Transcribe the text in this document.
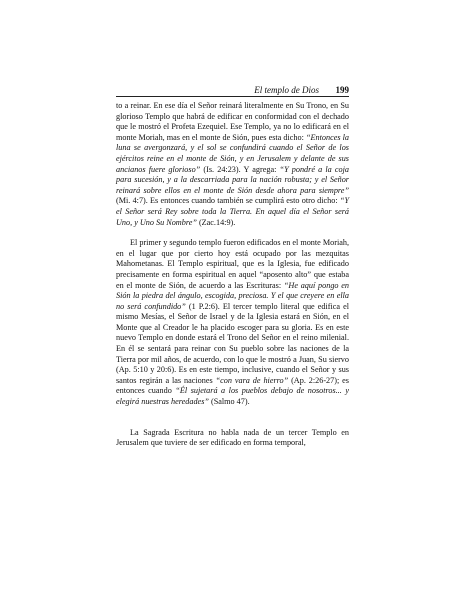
El templo de Dios 199

to a reinar. En ese día el Señor reinará literalmente en Su Trono, en Su glorioso Templo que habrá de edificar en conformidad con el dechado que le mostró el Profeta Ezequiel. Ese Templo, ya no lo edificará en el monte Moriah, mas en el monte de Sión, pues esta dicho: “Entonces la luna se avergonzará, y el sol se confundirá cuando el Señor de los ejércitos reine en el monte de Sión, y en Jerusalem y delante de sus ancianos fuere glorioso” (Is. 24:23). Y agrega: “Y pondré a la coja para sucesión, y a la descarriada para la nación robusta; y el Señor reinará sobre ellos en el monte de Sión desde ahora para siempre” (Mi. 4:7). Es entonces cuando también se cumplirá esto otro dicho: “Y el Señor será Rey sobre toda la Tierra. En aquel día el Señor será Uno, y Uno Su Nombre” (Zac.14:9).

El primer y segundo templo fueron edificados en el monte Moriah, en el lugar que por cierto hoy está ocupado por las mezquitas Mahometanas. El Templo espiritual, que es la Iglesia, fue edificado precisamente en forma espiritual en aquel “aposento alto” que estaba en el monte de Sión, de acuerdo a las Escrituras: “He aquí pongo en Sión la piedra del ángulo, escogida, preciosa. Y el que creyere en ella no será confundido” (1 P.2:6). El tercer templo literal que edifica el mismo Mesías, el Señor de Israel y de la Iglesia estará en Sión, en el Monte que al Creador le ha placido escoger para su gloria. Es en este nuevo Templo en donde estará el Trono del Señor en el reino milenial. En él se sentará para reinar con Su pueblo sobre las naciones de la Tierra por mil años, de acuerdo, con lo que le mostró a Juan, Su siervo (Ap. 5:10 y 20:6). Es en este tiempo, inclusive, cuando el Señor y sus santos regirán a las naciones “con vara de hierro” (Ap. 2:26-27); es entonces cuando “Él sujetará a los pueblos debajo de nosotros... y elegirá nuestras heredades” (Salmo 47).

La Sagrada Escritura no habla nada de un tercer Templo en Jerusalem que tuviere de ser edificado en forma temporal,
